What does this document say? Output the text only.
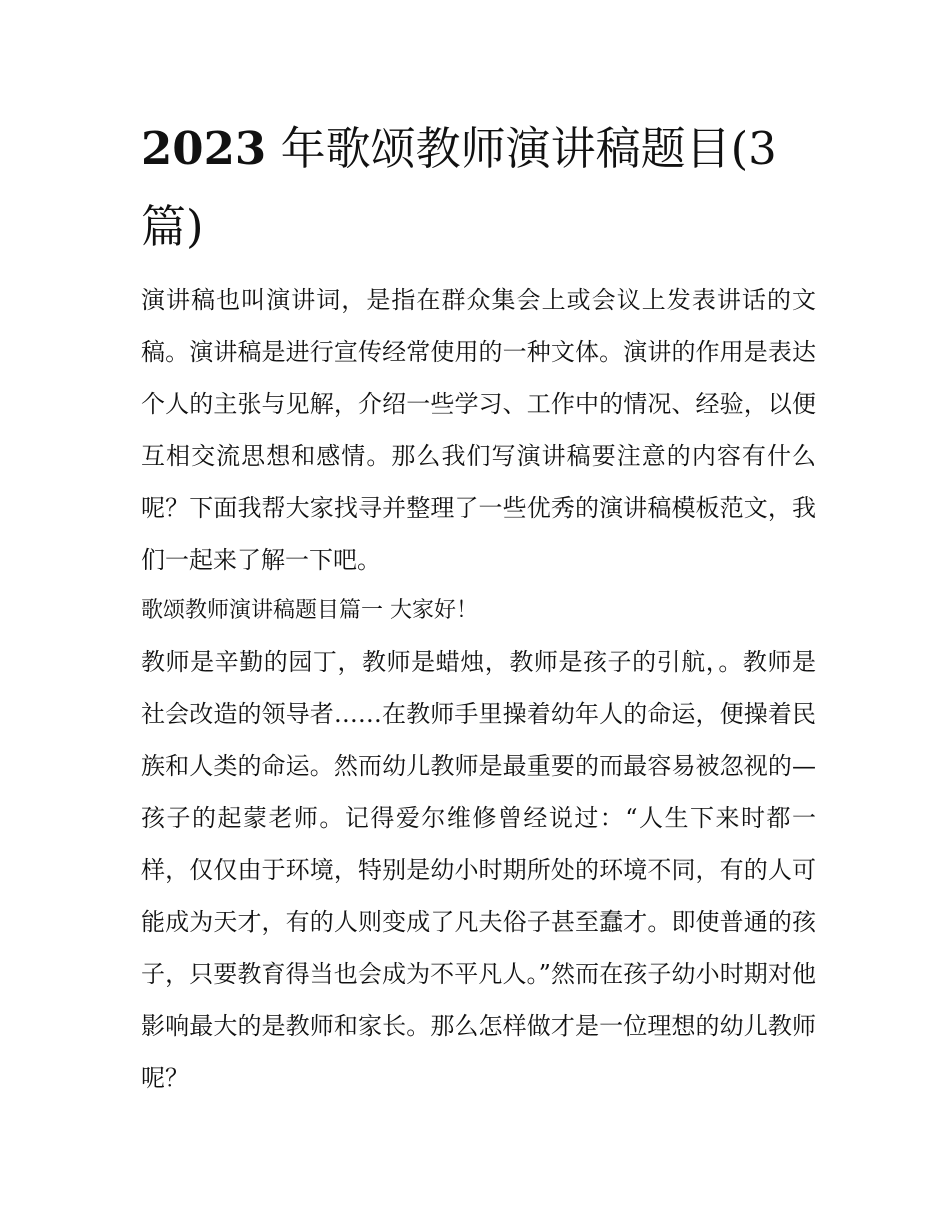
2023 年歌颂教师演讲稿题目(3篇)

演讲稿也叫演讲词，是指在群众集会上或会议上发表讲话的文稿。演讲稿是进行宣传经常使用的一种文体。演讲的作用是表达个人的主张与见解，介绍一些学习、工作中的情况、经验，以便互相交流思想和感情。那么我们写演讲稿要注意的内容有什么呢？下面我帮大家找寻并整理了一些优秀的演讲稿模板范文，我们一起来了解一下吧。

歌颂教师演讲稿题目篇一 大家好！

教师是辛勤的园丁，教师是蜡烛，教师是孩子的引航，。教师是社会改造的领导者……在教师手里操着幼年人的命运，便操着民族和人类的命运。然而幼儿教师是最重要的而最容易被忽视的—孩子的起蒙老师。记得爱尔维修曾经说过：“人生下来时都一样，仅仅由于环境，特别是幼小时期所处的环境不同，有的人可能成为天才，有的人则变成了凡夫俗子甚至蠢才。即使普通的孩子，只要教育得当也会成为不平凡人。”然而在孩子幼小时期对他影响最大的是教师和家长。那么怎样做才是一位理想的幼儿教师呢？
